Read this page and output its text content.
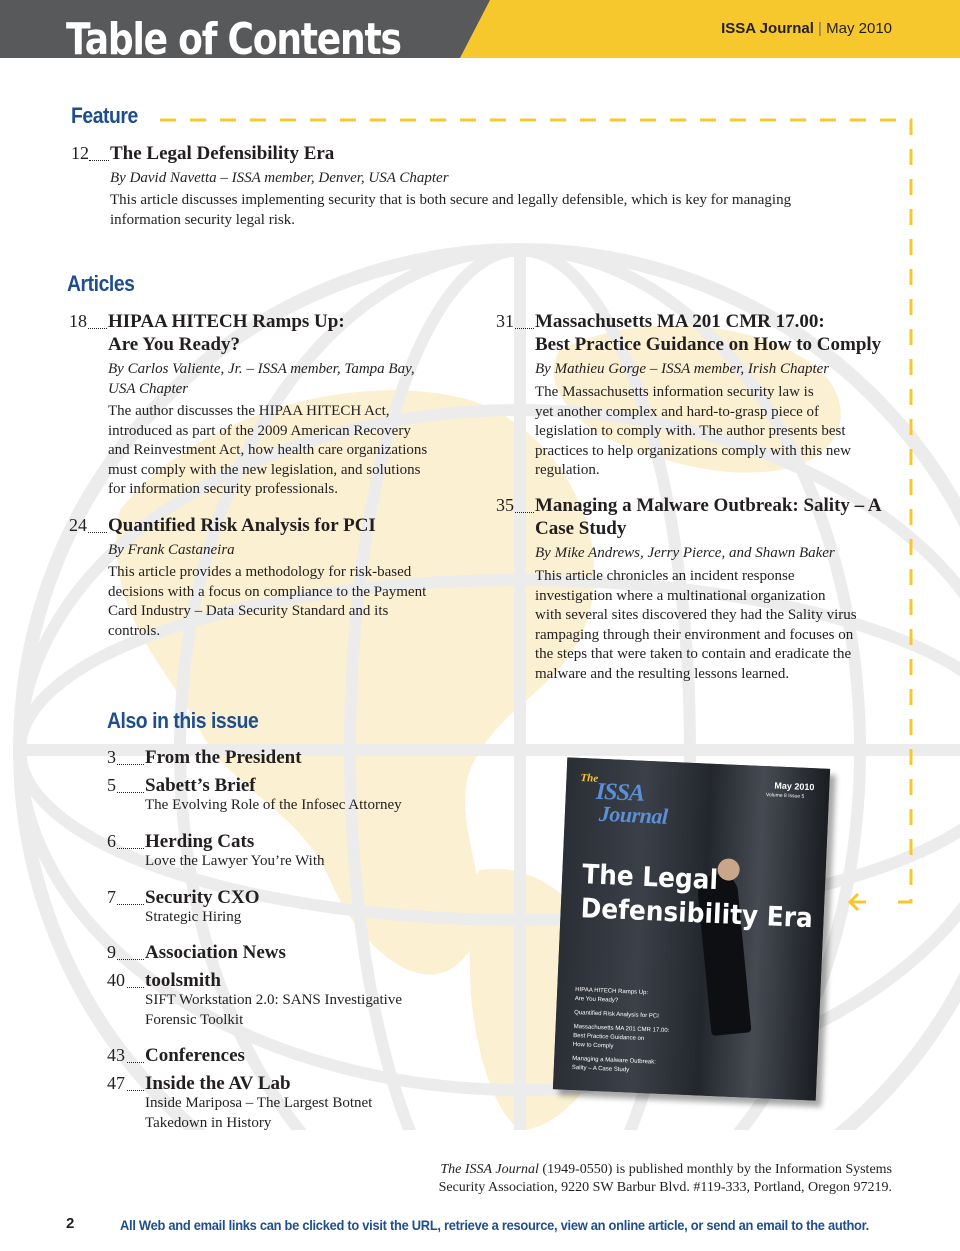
Table of Contents	ISSA Journal | May 2010
Feature
12 The Legal Defensibility Era
By David Navetta – ISSA member, Denver, USA Chapter
This article discusses implementing security that is both secure and legally defensible, which is key for managing
information security legal risk.
Articles
18 HIPAA HITECH Ramps Up:
Are You Ready?
By Carlos Valiente, Jr. – ISSA member, Tampa Bay,
USA Chapter
The author discusses the HIPAA HITECH Act,
introduced as part of the 2009 American Recovery
and Reinvestment Act, how health care organizations
must comply with the new legislation, and solutions
for information security professionals.
24 Quantified Risk Analysis for PCI
By Frank Castaneira
This article provides a methodology for risk-based
decisions with a focus on compliance to the Payment
Card Industry – Data Security Standard and its
controls.
31 Massachusetts MA 201 CMR 17.00:
Best Practice Guidance on How to Comply
By Mathieu Gorge – ISSA member, Irish Chapter
The Massachusetts information security law is
yet another complex and hard-to-grasp piece of
legislation to comply with. The author presents best
practices to help organizations comply with this new
regulation.
35 Managing a Malware Outbreak: Sality – A
Case Study
By Mike Andrews, Jerry Pierce, and Shawn Baker
This article chronicles an incident response
investigation where a multinational organization
with several sites discovered they had the Sality virus
rampaging through their environment and focuses on
the steps that were taken to contain and eradicate the
malware and the resulting lessons learned.
Also in this issue
3 From the President
5 Sabett’s Brief
The Evolving Role of the Infosec Attorney
6 Herding Cats
Love the Lawyer You’re With
7 Security CXO
Strategic Hiring
9 Association News
40 toolsmith
SIFT Workstation 2.0: SANS Investigative
Forensic Toolkit
43 Conferences
47 Inside the AV Lab
Inside Mariposa – The Largest Botnet
Takedown in History
The
ISSA
Journal
May 2010
Volume 8 Issue 5
The Legal
Defensibility Era
HIPAA HITECH Ramps Up:
Are You Ready?
Quantified Risk Analysis for PCI
Massachusetts MA 201 CMR 17.00:
Best Practice Guidance on
How to Comply
Managing a Malware Outbreak:
Sality – A Case Study
The ISSA Journal (1949-0550) is published monthly by the Information Systems
Security Association, 9220 SW Barbur Blvd. #119-333, Portland, Oregon 97219.
2	All Web and email links can be clicked to visit the URL, retrieve a resource, view an online article, or send an email to the author.
